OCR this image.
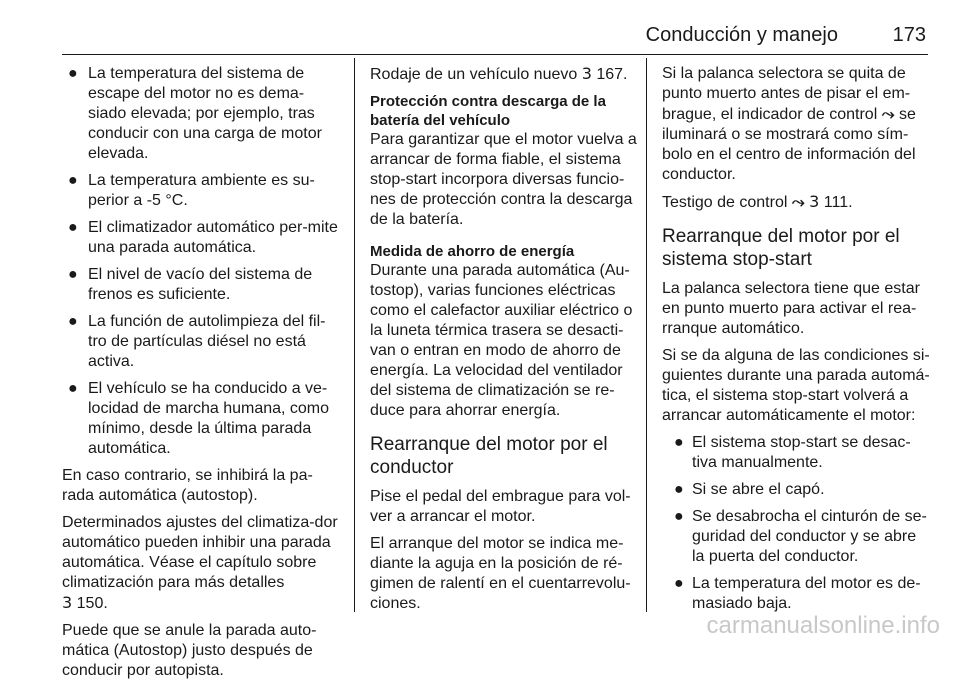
Conducción y manejo	173
● La temperatura del sistema de escape del motor no es dema-siado elevada; por ejemplo, tras conducir con una carga de motor elevada.
● La temperatura ambiente es su-perior a -5 °C.
● El climatizador automático per-mite una parada automática.
● El nivel de vacío del sistema de frenos es suficiente.
● La función de autolimpieza del fil-tro de partículas diésel no está activa.
● El vehículo se ha conducido a ve-locidad de marcha humana, como mínimo, desde la última parada automática.

En caso contrario, se inhibirá la pa-rada automática (autostop).

Determinados ajustes del climatiza-dor automático pueden inhibir una parada automática. Véase el capítulo sobre climatización para más detalles
3 150.

Puede que se anule la parada auto-mática (Autostop) justo después de conducir por autopista.

Rodaje de un vehículo nuevo 3 167.

Protección contra descarga de la batería del vehículo

Para garantizar que el motor vuelva a arrancar de forma fiable, el sistema stop-start incorpora diversas funcio-nes de protección contra la descarga de la batería.

Medida de ahorro de energía

Durante una parada automática (Au-tostop), varias funciones eléctricas como el calefactor auxiliar eléctrico o la luneta térmica trasera se desacti-van o entran en modo de ahorro de energía. La velocidad del ventilador del sistema de climatización se re-duce para ahorrar energía.

Rearranque del motor por el conductor

Pise el pedal del embrague para vol-ver a arrancar el motor.

El arranque del motor se indica me-diante la aguja en la posición de ré-gimen de ralentí en el cuentarrevolu-ciones.

Si la palanca selectora se quita de punto muerto antes de pisar el em-brague, el indicador de control ⤳ se iluminará o se mostrará como sím-bolo en el centro de información del conductor.

Testigo de control ⤳ 3 111.

Rearranque del motor por el sistema stop-start

La palanca selectora tiene que estar en punto muerto para activar el rea-rranque automático.

Si se da alguna de las condiciones si-guientes durante una parada automá-tica, el sistema stop-start volverá a arrancar automáticamente el motor:

● El sistema stop-start se desac-tiva manualmente.
● Si se abre el capó.
● Se desabrocha el cinturón de se-guridad del conductor y se abre la puerta del conductor.
● La temperatura del motor es de-masiado baja.
carmanualsonline.info
